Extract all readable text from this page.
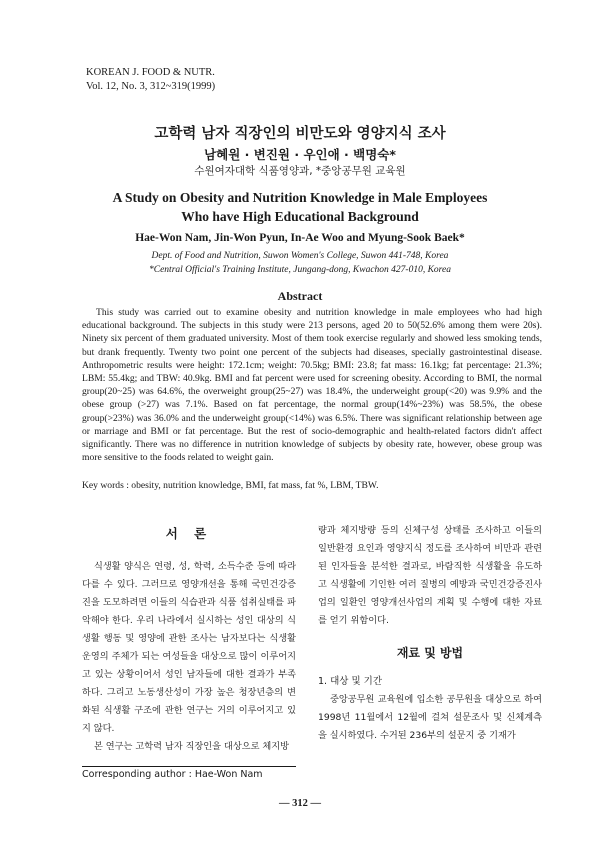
KOREAN J. FOOD & NUTR.
Vol. 12, No. 3, 312~319(1999)
고학력 남자 직장인의 비만도와 영양지식 조사
남혜원 · 변진원 · 우인애 · 백명숙*
수원여자대학 식품영양과, *중앙공무원 교육원
A Study on Obesity and Nutrition Knowledge in Male Employees
Who have High Educational Background
Hae-Won Nam, Jin-Won Pyun, In-Ae Woo and Myung-Sook Baek*
Dept. of Food and Nutrition, Suwon Women's College, Suwon 441-748, Korea
*Central Official's Training Institute, Jungang-dong, Kwachon 427-010, Korea
Abstract

This study was carried out to examine obesity and nutrition knowledge in male employees who had high educational background. The subjects in this study were 213 persons, aged 20 to 50(52.6% among them were 20s). Ninety six percent of them graduated university. Most of them took exercise regularly and showed less smoking tends, but drank frequently. Twenty two point one percent of the subjects had diseases, specially gastrointestinal disease. Anthropometric results were height: 172.1cm; weight: 70.5kg; BMI: 23.8; fat mass: 16.1kg; fat percentage: 21.3%; LBM: 55.4kg; and TBW: 40.9kg. BMI and fat percent were used for screening obesity. According to BMI, the normal group(20~25) was 64.6%, the overweight group(25~27) was 18.4%, the underweight group(<20) was 9.9% and the obese group (>27) was 7.1%. Based on fat percentage, the normal group(14%~23%) was 58.5%, the obese group(>23%) was 36.0% and the underweight group(<14%) was 6.5%. There was significant relationship between age or marriage and BMI or fat percentage. But the rest of socio-demographic and health-related factors didn't affect significantly. There was no difference in nutrition knowledge of subjects by obesity rate, however, obese group was more sensitive to the foods related to weight gain.

Key words : obesity, nutrition knowledge, BMI, fat mass, fat %, LBM, TBW.

서 론

식생활 양식은 연령, 성, 학력, 소득수준 등에 따라 다를 수 있다. 그러므로 영양개선을 통해 국민건강증진을 도모하려면 이들의 식습관과 식품 섭취실태를 파악해야 한다. 우리 나라에서 실시하는 성인 대상의 식생활 행동 및 영양에 관한 조사는 남자보다는 식생활 운영의 주체가 되는 여성들을 대상으로 많이 이루어지고 있는 상황이어서 성인 남자들에 대한 결과가 부족하다. 그리고 노동생산성이 가장 높은 청장년층의 변화된 식생활 구조에 관한 연구는 거의 이루어지고 있지 않다.

본 연구는 고학력 남자 직장인을 대상으로 체지방

량과 체지방량 등의 신체구성 상태를 조사하고 이들의 일반환경 요인과 영양지식 정도를 조사하여 비만과 관련된 인자들을 분석한 결과로, 바람직한 식생활을 유도하고 식생활에 기인한 여러 질병의 예방과 국민건강증진사업의 일환인 영양개선사업의 계획 및 수행에 대한 자료를 얻기 위함이다.

재료 및 방법
1. 대상 및 기간

중앙공무원 교육원에 입소한 공무원을 대상으로 하여 1998년 11월에서 12월에 걸쳐 설문조사 및 신체계측을 실시하였다. 수거된 236부의 설문지 중 기재가

Corresponding author : Hae-Won Nam
— 312 —
